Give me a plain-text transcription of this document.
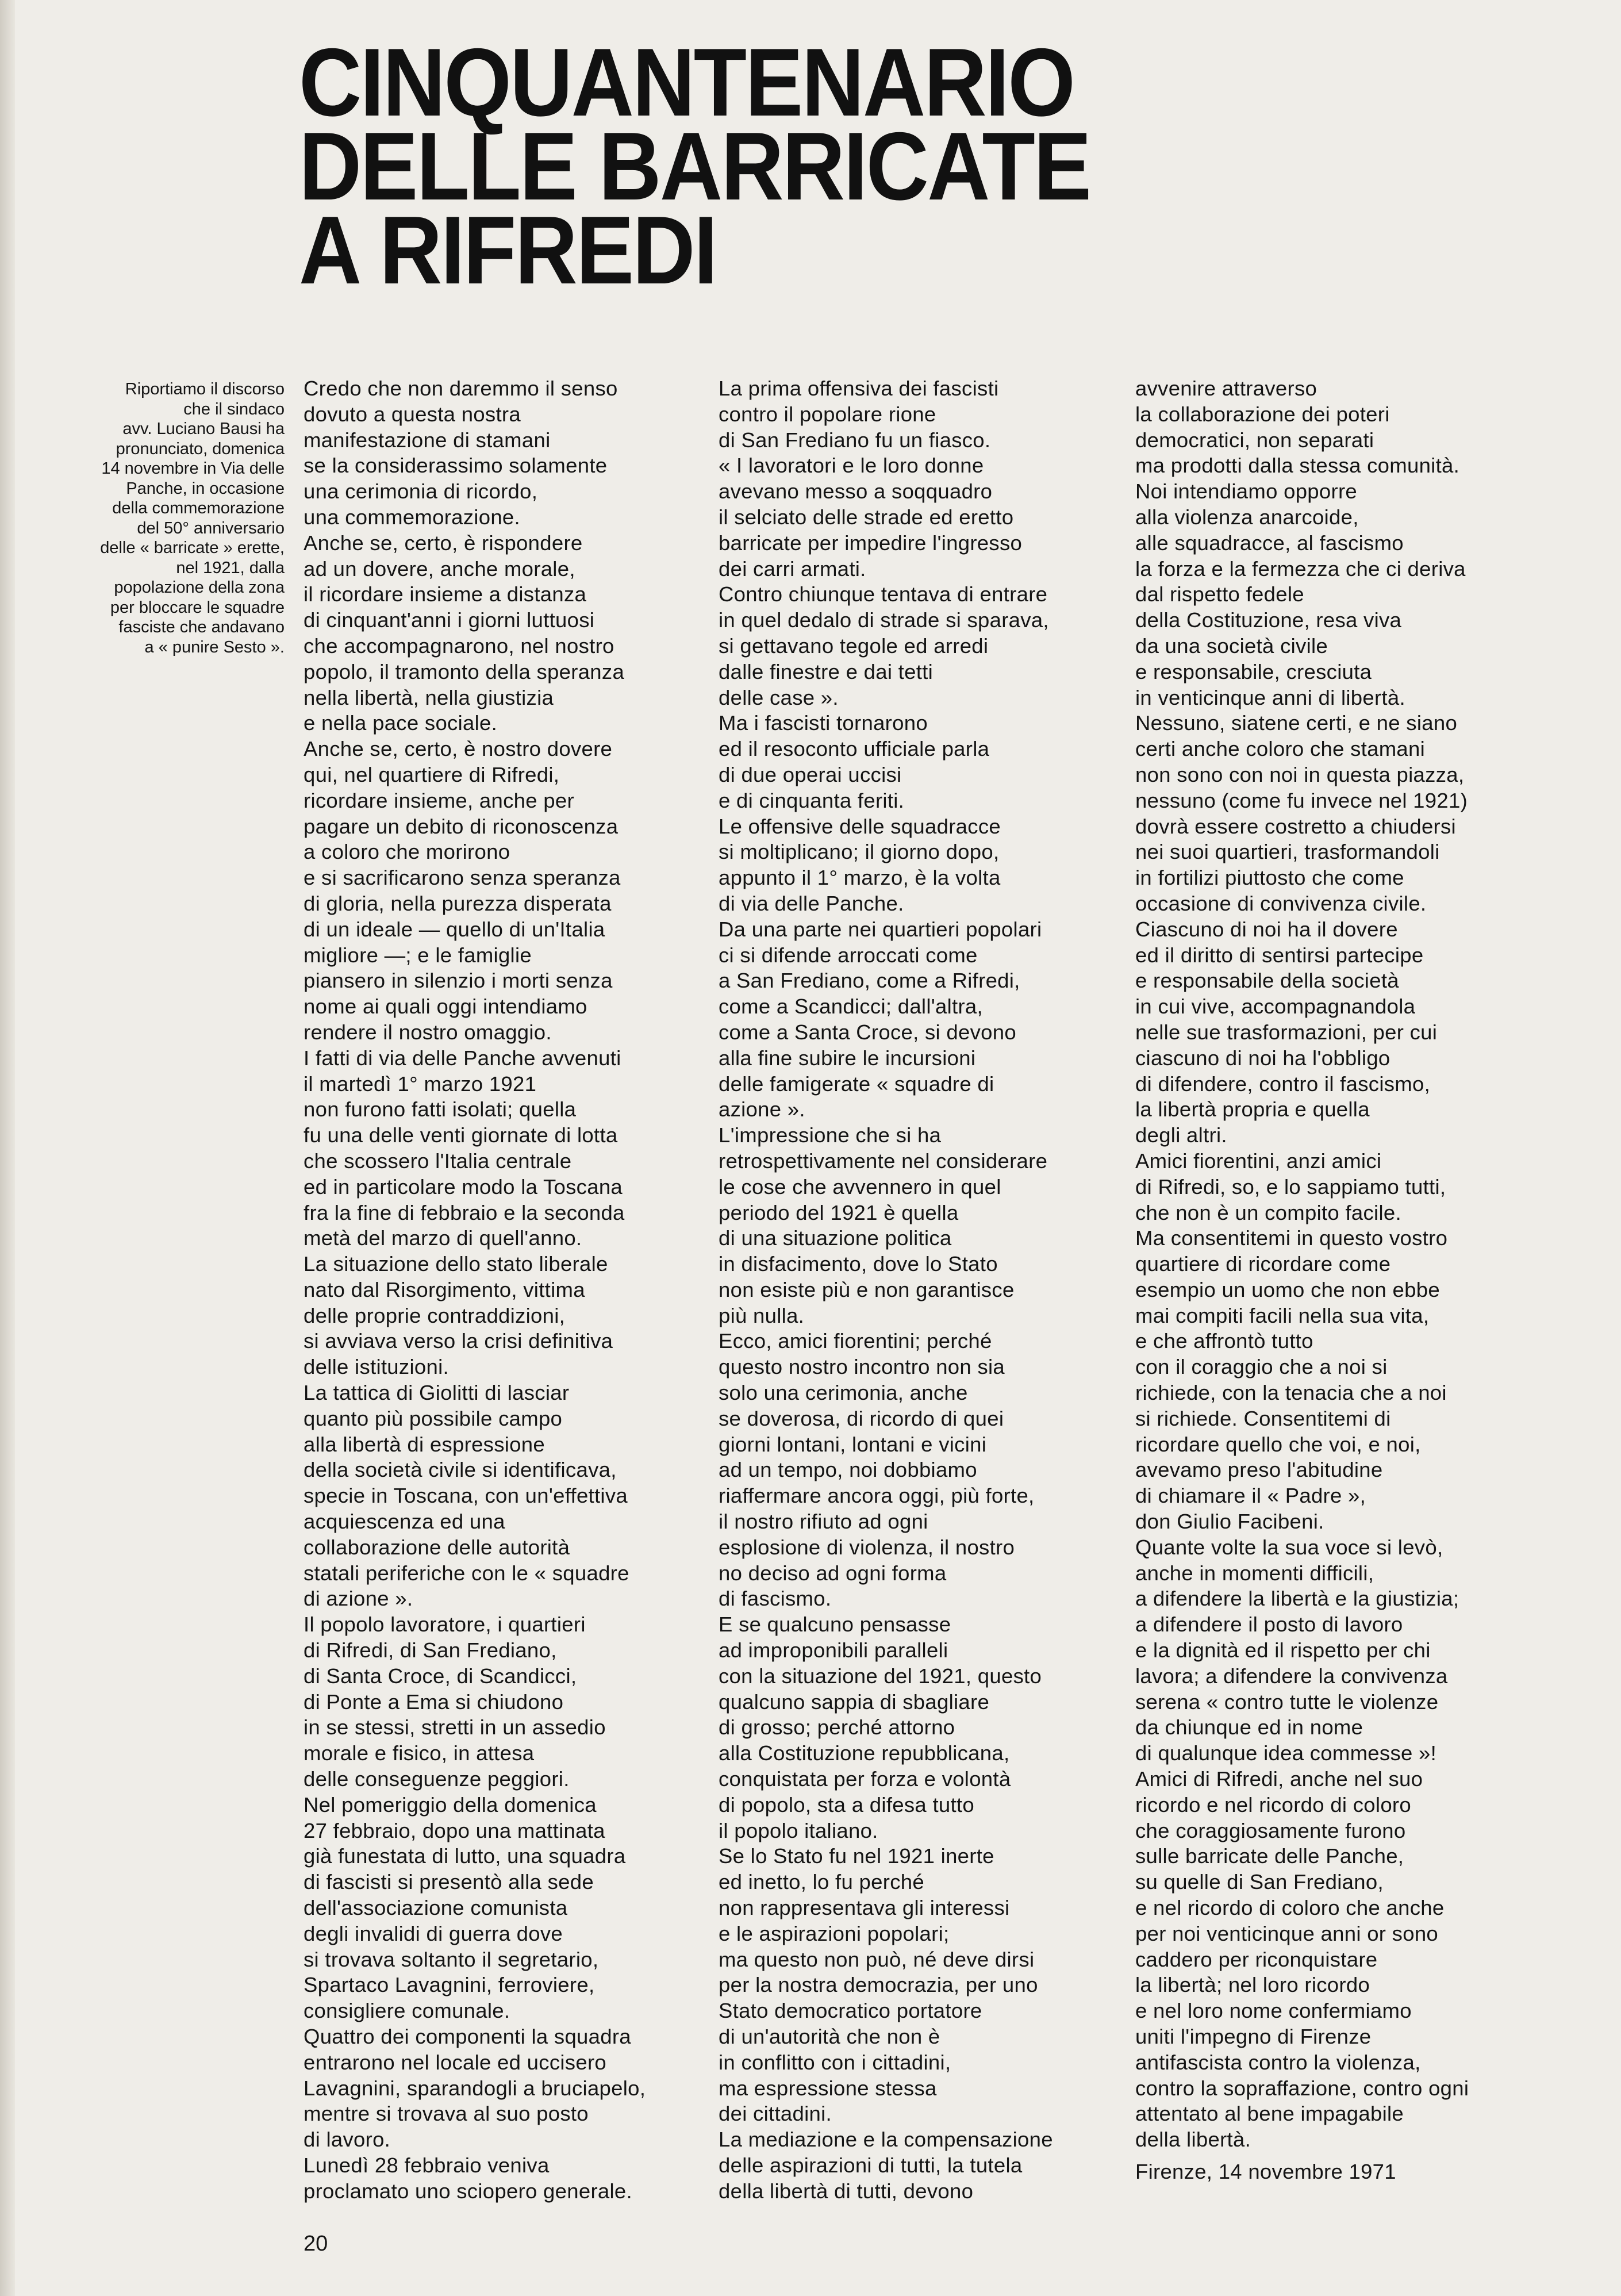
CINQUANTENARIO
DELLE BARRICATE
A RIFREDI
Riportiamo il discorso
che il sindaco
avv. Luciano Bausi ha
pronunciato, domenica
14 novembre in Via delle
Panche, in occasione
della commemorazione
del 50° anniversario
delle « barricate » erette,
nel 1921, dalla
popolazione della zona
per bloccare le squadre
fasciste che andavano
a « punire Sesto ».
Credo che non daremmo il senso
dovuto a questa nostra
manifestazione di stamani
se la considerassimo solamente
una cerimonia di ricordo,
una commemorazione.
Anche se, certo, è rispondere
ad un dovere, anche morale,
il ricordare insieme a distanza
di cinquant'anni i giorni luttuosi
che accompagnarono, nel nostro
popolo, il tramonto della speranza
nella libertà, nella giustizia
e nella pace sociale.
Anche se, certo, è nostro dovere
qui, nel quartiere di Rifredi,
ricordare insieme, anche per
pagare un debito di riconoscenza
a coloro che morirono
e si sacrificarono senza speranza
di gloria, nella purezza disperata
di un ideale — quello di un'Italia
migliore —; e le famiglie
piansero in silenzio i morti senza
nome ai quali oggi intendiamo
rendere il nostro omaggio.
I fatti di via delle Panche avvenuti
il martedì 1° marzo 1921
non furono fatti isolati; quella
fu una delle venti giornate di lotta
che scossero l'Italia centrale
ed in particolare modo la Toscana
fra la fine di febbraio e la seconda
metà del marzo di quell'anno.
La situazione dello stato liberale
nato dal Risorgimento, vittima
delle proprie contraddizioni,
si avviava verso la crisi definitiva
delle istituzioni.
La tattica di Giolitti di lasciar
quanto più possibile campo
alla libertà di espressione
della società civile si identificava,
specie in Toscana, con un'effettiva
acquiescenza ed una
collaborazione delle autorità
statali periferiche con le « squadre
di azione ».
Il popolo lavoratore, i quartieri
di Rifredi, di San Frediano,
di Santa Croce, di Scandicci,
di Ponte a Ema si chiudono
in se stessi, stretti in un assedio
morale e fisico, in attesa
delle conseguenze peggiori.
Nel pomeriggio della domenica
27 febbraio, dopo una mattinata
già funestata di lutto, una squadra
di fascisti si presentò alla sede
dell'associazione comunista
degli invalidi di guerra dove
si trovava soltanto il segretario,
Spartaco Lavagnini, ferroviere,
consigliere comunale.
Quattro dei componenti la squadra
entrarono nel locale ed uccisero
Lavagnini, sparandogli a bruciapelo,
mentre si trovava al suo posto
di lavoro.
Lunedì 28 febbraio veniva
proclamato uno sciopero generale.
La prima offensiva dei fascisti
contro il popolare rione
di San Frediano fu un fiasco.
« I lavoratori e le loro donne
avevano messo a soqquadro
il selciato delle strade ed eretto
barricate per impedire l'ingresso
dei carri armati.
Contro chiunque tentava di entrare
in quel dedalo di strade si sparava,
si gettavano tegole ed arredi
dalle finestre e dai tetti
delle case ».
Ma i fascisti tornarono
ed il resoconto ufficiale parla
di due operai uccisi
e di cinquanta feriti.
Le offensive delle squadracce
si moltiplicano; il giorno dopo,
appunto il 1° marzo, è la volta
di via delle Panche.
Da una parte nei quartieri popolari
ci si difende arroccati come
a San Frediano, come a Rifredi,
come a Scandicci; dall'altra,
come a Santa Croce, si devono
alla fine subire le incursioni
delle famigerate « squadre di
azione ».
L'impressione che si ha
retrospettivamente nel considerare
le cose che avvennero in quel
periodo del 1921 è quella
di una situazione politica
in disfacimento, dove lo Stato
non esiste più e non garantisce
più nulla.
Ecco, amici fiorentini; perché
questo nostro incontro non sia
solo una cerimonia, anche
se doverosa, di ricordo di quei
giorni lontani, lontani e vicini
ad un tempo, noi dobbiamo
riaffermare ancora oggi, più forte,
il nostro rifiuto ad ogni
esplosione di violenza, il nostro
no deciso ad ogni forma
di fascismo.
E se qualcuno pensasse
ad improponibili paralleli
con la situazione del 1921, questo
qualcuno sappia di sbagliare
di grosso; perché attorno
alla Costituzione repubblicana,
conquistata per forza e volontà
di popolo, sta a difesa tutto
il popolo italiano.
Se lo Stato fu nel 1921 inerte
ed inetto, lo fu perché
non rappresentava gli interessi
e le aspirazioni popolari;
ma questo non può, né deve dirsi
per la nostra democrazia, per uno
Stato democratico portatore
di un'autorità che non è
in conflitto con i cittadini,
ma espressione stessa
dei cittadini.
La mediazione e la compensazione
delle aspirazioni di tutti, la tutela
della libertà di tutti, devono
avvenire attraverso
la collaborazione dei poteri
democratici, non separati
ma prodotti dalla stessa comunità.
Noi intendiamo opporre
alla violenza anarcoide,
alle squadracce, al fascismo
la forza e la fermezza che ci deriva
dal rispetto fedele
della Costituzione, resa viva
da una società civile
e responsabile, cresciuta
in venticinque anni di libertà.
Nessuno, siatene certi, e ne siano
certi anche coloro che stamani
non sono con noi in questa piazza,
nessuno (come fu invece nel 1921)
dovrà essere costretto a chiudersi
nei suoi quartieri, trasformandoli
in fortilizi piuttosto che come
occasione di convivenza civile.
Ciascuno di noi ha il dovere
ed il diritto di sentirsi partecipe
e responsabile della società
in cui vive, accompagnandola
nelle sue trasformazioni, per cui
ciascuno di noi ha l'obbligo
di difendere, contro il fascismo,
la libertà propria e quella
degli altri.
Amici fiorentini, anzi amici
di Rifredi, so, e lo sappiamo tutti,
che non è un compito facile.
Ma consentitemi in questo vostro
quartiere di ricordare come
esempio un uomo che non ebbe
mai compiti facili nella sua vita,
e che affrontò tutto
con il coraggio che a noi si
richiede, con la tenacia che a noi
si richiede. Consentitemi di
ricordare quello che voi, e noi,
avevamo preso l'abitudine
di chiamare il « Padre »,
don Giulio Facibeni.
Quante volte la sua voce si levò,
anche in momenti difficili,
a difendere la libertà e la giustizia;
a difendere il posto di lavoro
e la dignità ed il rispetto per chi
lavora; a difendere la convivenza
serena « contro tutte le violenze
da chiunque ed in nome
di qualunque idea commesse »!
Amici di Rifredi, anche nel suo
ricordo e nel ricordo di coloro
che coraggiosamente furono
sulle barricate delle Panche,
su quelle di San Frediano,
e nel ricordo di coloro che anche
per noi venticinque anni or sono
caddero per riconquistare
la libertà; nel loro ricordo
e nel loro nome confermiamo
uniti l'impegno di Firenze
antifascista contro la violenza,
contro la sopraffazione, contro ogni
attentato al bene impagabile
della libertà.
Firenze, 14 novembre 1971
20
